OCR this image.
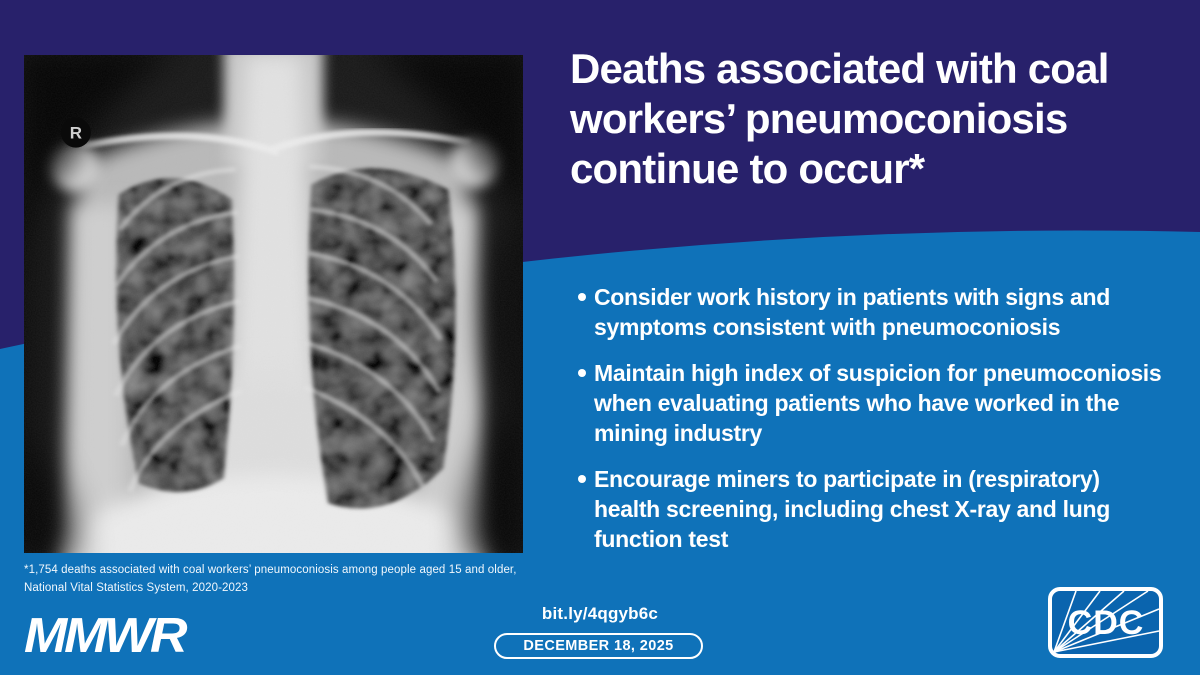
R
Deaths associated with coal workers’ pneumoconiosis continue to occur*
Consider work history in patients with signs and symptoms consistent with pneumoconiosis
Maintain high index of suspicion for pneumoconiosis when evaluating patients who have worked in the mining industry
Encourage miners to participate in (respiratory) health screening, including chest X-ray and lung function test

*1,754 deaths associated with coal workers’ pneumoconiosis among people aged 15 and older, National Vital Statistics System, 2020-2023

MMWR	bit.ly/4qgyb6c
DECEMBER 18, 2025
CDC
